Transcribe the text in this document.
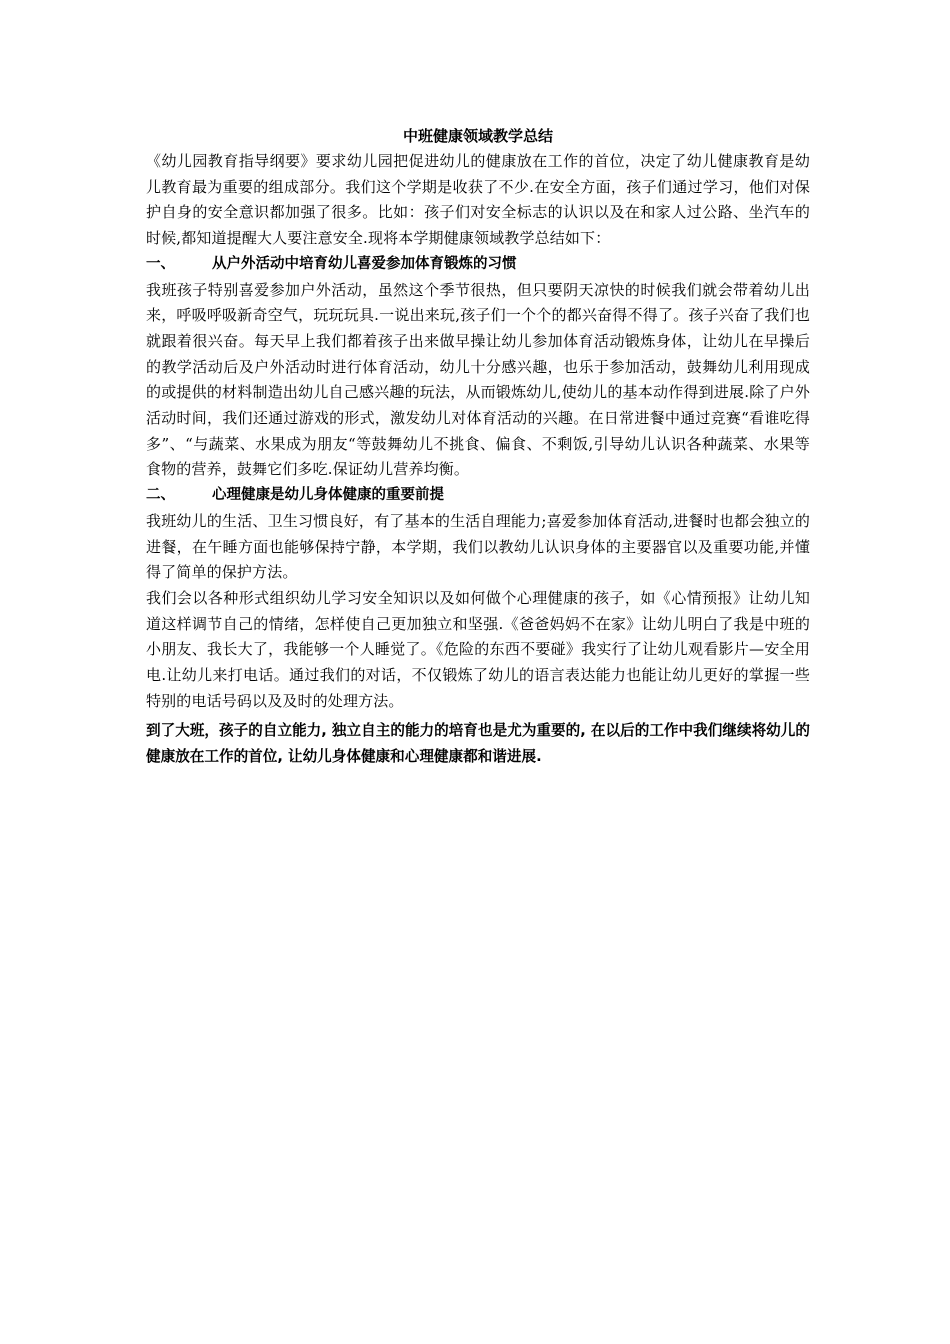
中班健康领域教学总结

《幼儿园教育指导纲要》要求幼儿园把促进幼儿的健康放在工作的首位，决定了幼儿健康教育是幼儿教育最为重要的组成部分。我们这个学期是收获了不少.在安全方面，孩子们通过学习，他们对保护自身的安全意识都加强了很多。比如：孩子们对安全标志的认识以及在和家人过公路、坐汽车的时候,都知道提醒大人要注意安全.现将本学期健康领域教学总结如下：

一、	从户外活动中培育幼儿喜爱参加体育锻炼的习惯

我班孩子特别喜爱参加户外活动，虽然这个季节很热，但只要阴天凉快的时候我们就会带着幼儿出来，呼吸呼吸新奇空气，玩玩玩具.一说出来玩,孩子们一个个的都兴奋得不得了。孩子兴奋了我们也就跟着很兴奋。每天早上我们都着孩子出来做早操让幼儿参加体育活动锻炼身体，让幼儿在早操后的教学活动后及户外活动时进行体育活动，幼儿十分感兴趣，也乐于参加活动，鼓舞幼儿利用现成的或提供的材料制造出幼儿自己感兴趣的玩法，从而锻炼幼儿,使幼儿的基本动作得到进展.除了户外活动时间，我们还通过游戏的形式，激发幼儿对体育活动的兴趣。在日常进餐中通过竞赛“看谁吃得多”、“与蔬菜、水果成为朋友“等鼓舞幼儿不挑食、偏食、不剩饭,引导幼儿认识各种蔬菜、水果等食物的营养，鼓舞它们多吃.保证幼儿营养均衡。

二、	心理健康是幼儿身体健康的重要前提

我班幼儿的生活、卫生习惯良好，有了基本的生活自理能力;喜爱参加体育活动,进餐时也都会独立的进餐，在午睡方面也能够保持宁静，本学期，我们以教幼儿认识身体的主要器官以及重要功能,并懂得了简单的保护方法。

我们会以各种形式组织幼儿学习安全知识以及如何做个心理健康的孩子，如《心情预报》让幼儿知道这样调节自己的情绪，怎样使自己更加独立和坚强.《爸爸妈妈不在家》让幼儿明白了我是中班的小朋友、我长大了，我能够一个人睡觉了。《危险的东西不要碰》我实行了让幼儿观看影片—安全用电.让幼儿来打电话。通过我们的对话，不仅锻炼了幼儿的语言表达能力也能让幼儿更好的掌握一些特别的电话号码以及及时的处理方法。

到了大班，孩子的自立能力, 独立自主的能力的培育也是尤为重要的, 在以后的工作中我们继续将幼儿的健康放在工作的首位, 让幼儿身体健康和心理健康都和谐进展.
